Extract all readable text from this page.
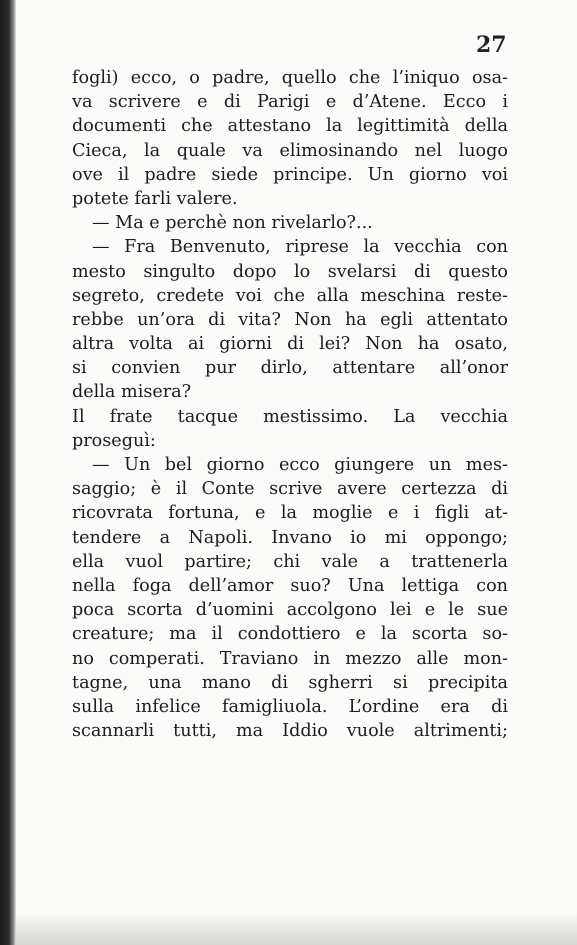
27

fogli) ecco, o padre, quello che l’iniquo osa-
va scrivere e di Parigi e d’Atene. Ecco i
documenti che attestano la legittimità della
Cieca, la quale va elimosinando nel luogo
ove il padre siede principe. Un giorno voi
potete farli valere.
— Ma e perchè non rivelarlo?...
— Fra Benvenuto, riprese la vecchia con
mesto singulto dopo lo svelarsi di questo
segreto, credete voi che alla meschina reste-
rebbe un’ora di vita? Non ha egli attentato
altra volta ai giorni di lei? Non ha osato,
si convien pur dirlo, attentare all’onor
della misera?
Il frate tacque mestissimo. La vecchia
proseguì:
— Un bel giorno ecco giungere un mes-
saggio; è il Conte scrive avere certezza di
ricovrata fortuna, e la moglie e i figli at-
tendere a Napoli. Invano io mi oppongo;
ella vuol partire; chi vale a trattenerla
nella foga dell’amor suo? Una lettiga con
poca scorta d’uomini accolgono lei e le sue
creature; ma il condottiero e la scorta so-
no comperati. Traviano in mezzo alle mon-
tagne, una mano di sgherri si precipita
sulla infelice famigliuola. L’ordine era di
scannarli tutti, ma Iddio vuole altrimenti;
